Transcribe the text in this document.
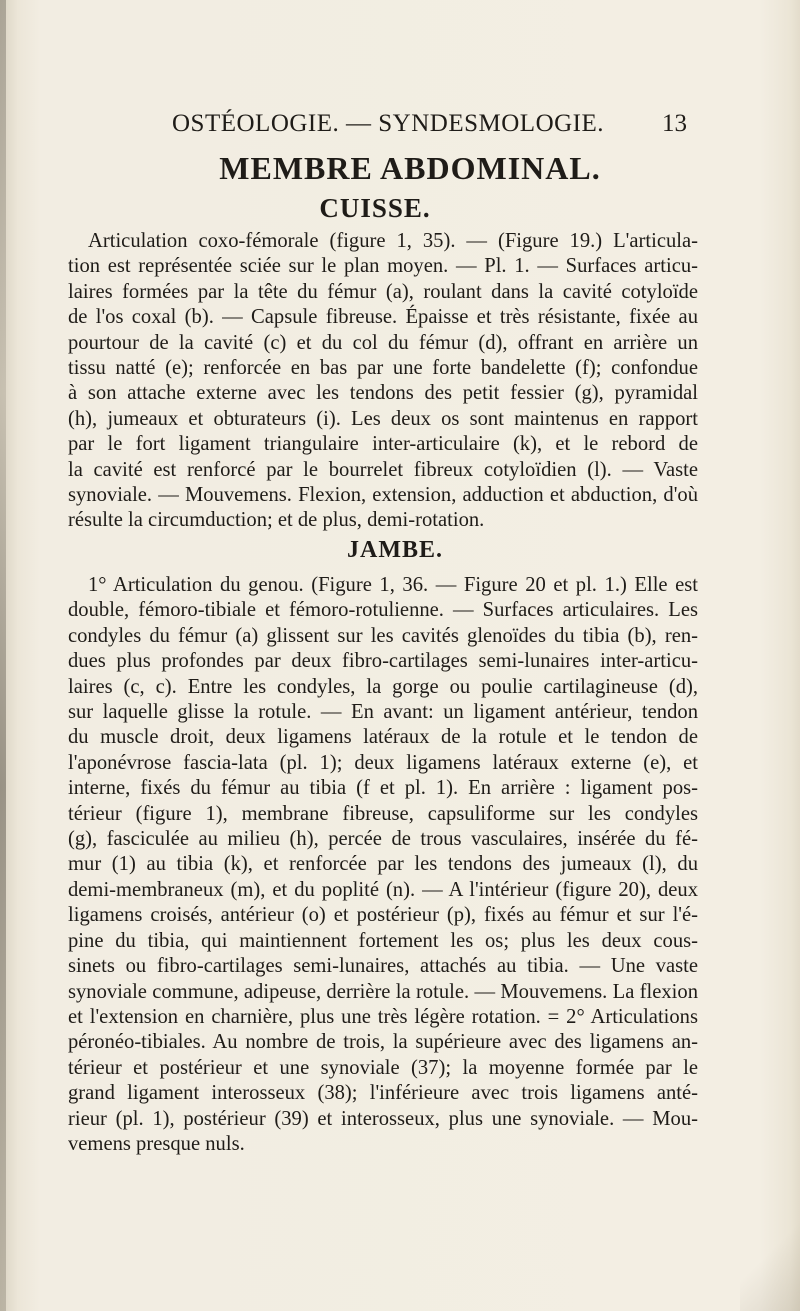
OSTÉOLOGIE. — SYNDESMOLOGIE. 13
MEMBRE ABDOMINAL.
CUISSE.
Articulation coxo-fémorale (figure 1, 35). — (Figure 19.) L'articula-
tion est représentée sciée sur le plan moyen. — Pl. 1. — Surfaces articu-
laires formées par la tête du fémur (a), roulant dans la cavité cotyloïde
de l'os coxal (b). — Capsule fibreuse. Épaisse et très résistante, fixée au
pourtour de la cavité (c) et du col du fémur (d), offrant en arrière un
tissu natté (e); renforcée en bas par une forte bandelette (f); confondue
à son attache externe avec les tendons des petit fessier (g), pyramidal
(h), jumeaux et obturateurs (i). Les deux os sont maintenus en rapport
par le fort ligament triangulaire inter-articulaire (k), et le rebord de
la cavité est renforcé par le bourrelet fibreux cotyloïdien (l). — Vaste
synoviale. — Mouvemens. Flexion, extension, adduction et abduction, d'où
résulte la circumduction; et de plus, demi-rotation.
JAMBE.
1° Articulation du genou. (Figure 1, 36. — Figure 20 et pl. 1.) Elle est
double, fémoro-tibiale et fémoro-rotulienne. — Surfaces articulaires. Les
condyles du fémur (a) glissent sur les cavités glenoïdes du tibia (b), ren-
dues plus profondes par deux fibro-cartilages semi-lunaires inter-articu-
laires (c, c). Entre les condyles, la gorge ou poulie cartilagineuse (d),
sur laquelle glisse la rotule. — En avant: un ligament antérieur, tendon
du muscle droit, deux ligamens latéraux de la rotule et le tendon de
l'aponévrose fascia-lata (pl. 1); deux ligamens latéraux externe (e), et
interne, fixés du fémur au tibia (f et pl. 1). En arrière : ligament pos-
térieur (figure 1), membrane fibreuse, capsuliforme sur les condyles
(g), fasciculée au milieu (h), percée de trous vasculaires, insérée du fé-
mur (1) au tibia (k), et renforcée par les tendons des jumeaux (l), du
demi-membraneux (m), et du poplité (n). — A l'intérieur (figure 20), deux
ligamens croisés, antérieur (o) et postérieur (p), fixés au fémur et sur l'é-
pine du tibia, qui maintiennent fortement les os; plus les deux cous-
sinets ou fibro-cartilages semi-lunaires, attachés au tibia. — Une vaste
synoviale commune, adipeuse, derrière la rotule. — Mouvemens. La flexion
et l'extension en charnière, plus une très légère rotation. = 2° Articulations
péronéo-tibiales. Au nombre de trois, la supérieure avec des ligamens an-
térieur et postérieur et une synoviale (37); la moyenne formée par le
grand ligament interosseux (38); l'inférieure avec trois ligamens anté-
rieur (pl. 1), postérieur (39) et interosseux, plus une synoviale. — Mou-
vemens presque nuls.
